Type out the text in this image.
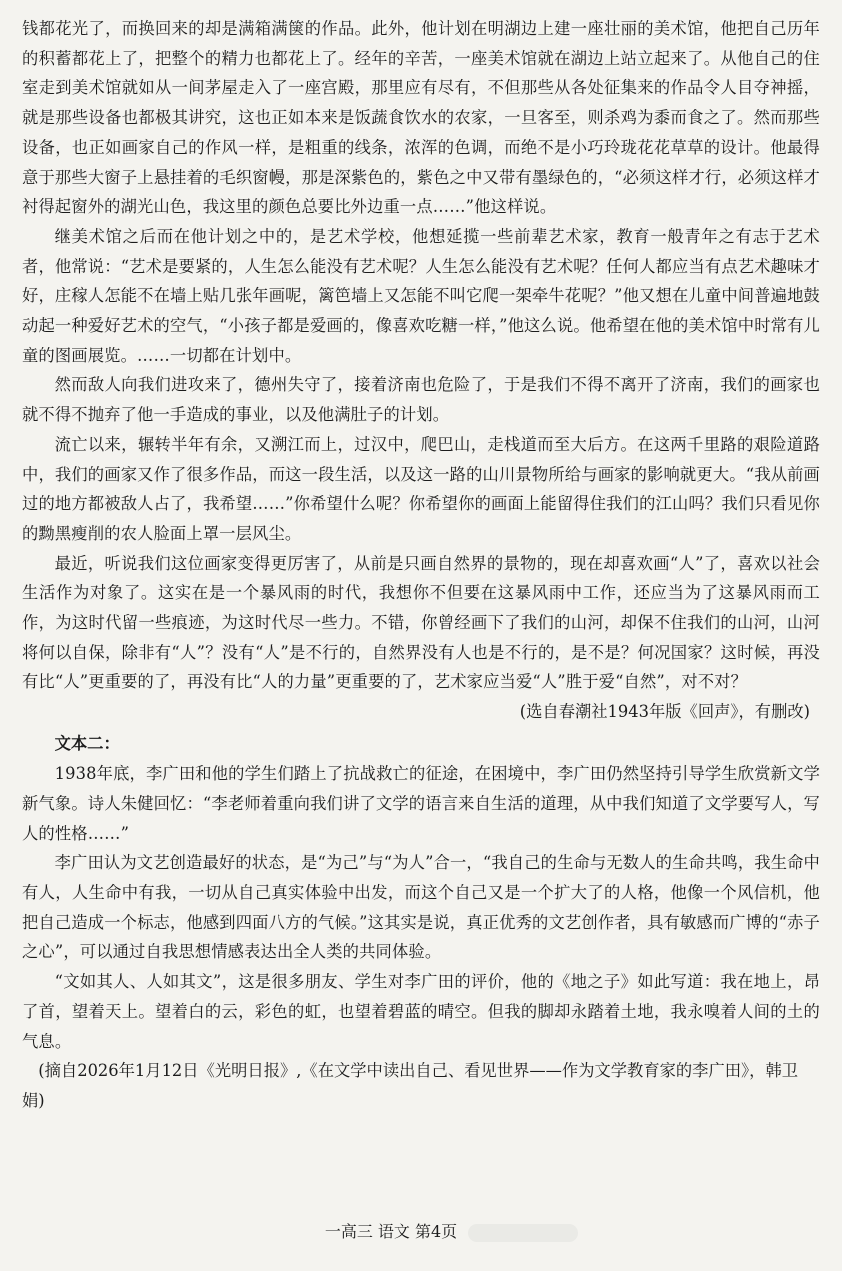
钱都花光了，而换回来的却是满箱满箧的作品。此外，他计划在明湖边上建一座壮丽的美术馆，他把自己历年的积蓄都花上了，把整个的精力也都花上了。经年的辛苦，一座美术馆就在湖边上站立起来了。从他自己的住室走到美术馆就如从一间茅屋走入了一座宫殿，那里应有尽有，不但那些从各处征集来的作品令人目夺神摇，就是那些设备也都极其讲究，这也正如本来是饭蔬食饮水的农家，一旦客至，则杀鸡为黍而食之了。然而那些设备，也正如画家自己的作风一样，是粗重的线条，浓浑的色调，而绝不是小巧玲珑花花草草的设计。他最得意于那些大窗子上悬挂着的毛织窗幔，那是深紫色的，紫色之中又带有墨绿色的，“必须这样才行，必须这样才衬得起窗外的湖光山色，我这里的颜色总要比外边重一点……”他这样说。

继美术馆之后而在他计划之中的，是艺术学校，他想延揽一些前辈艺术家，教育一般青年之有志于艺术者，他常说：“艺术是要紧的，人生怎么能没有艺术呢？人生怎么能没有艺术呢？任何人都应当有点艺术趣味才好，庄稼人怎能不在墙上贴几张年画呢，篱笆墙上又怎能不叫它爬一架牵牛花呢？”他又想在儿童中间普遍地鼓动起一种爱好艺术的空气，“小孩子都是爱画的，像喜欢吃糖一样，”他这么说。他希望在他的美术馆中时常有儿童的图画展览。……一切都在计划中。

然而敌人向我们进攻来了，德州失守了，接着济南也危险了，于是我们不得不离开了济南，我们的画家也就不得不抛弃了他一手造成的事业，以及他满肚子的计划。

流亡以来，辗转半年有余，又溯江而上，过汉中，爬巴山，走栈道而至大后方。在这两千里路的艰险道路中，我们的画家又作了很多作品，而这一段生活，以及这一路的山川景物所给与画家的影响就更大。“我从前画过的地方都被敌人占了，我希望……”你希望什么呢？你希望你的画面上能留得住我们的江山吗？我们只看见你的黝黑瘦削的农人脸面上罩一层风尘。

最近，听说我们这位画家变得更厉害了，从前是只画自然界的景物的，现在却喜欢画“人”了，喜欢以社会生活作为对象了。这实在是一个暴风雨的时代，我想你不但要在这暴风雨中工作，还应当为了这暴风雨而工作，为这时代留一些痕迹，为这时代尽一些力。不错，你曾经画下了我们的山河，却保不住我们的山河，山河将何以自保，除非有“人”？没有“人”是不行的，自然界没有人也是不行的，是不是？何况国家？这时候，再没有比“人”更重要的了，再没有比“人的力量”更重要的了，艺术家应当爱“人”胜于爱“自然”，对不对？

(选自春潮社1943年版《回声》，有删改)

文本二：

1938年底，李广田和他的学生们踏上了抗战救亡的征途，在困境中，李广田仍然坚持引导学生欣赏新文学新气象。诗人朱健回忆：“李老师着重向我们讲了文学的语言来自生活的道理，从中我们知道了文学要写人，写人的性格……”

李广田认为文艺创造最好的状态，是“为己”与“为人”合一，“我自己的生命与无数人的生命共鸣，我生命中有人，人生命中有我，一切从自己真实体验中出发，而这个自己又是一个扩大了的人格，他像一个风信机，他把自己造成一个标志，他感到四面八方的气候。”这其实是说，真正优秀的文艺创作者，具有敏感而广博的“赤子之心”，可以通过自我思想情感表达出全人类的共同体验。

“文如其人、人如其文”，这是很多朋友、学生对李广田的评价，他的《地之子》如此写道：我在地上，昂了首，望着天上。望着白的云，彩色的虹，也望着碧蓝的晴空。但我的脚却永踏着土地，我永嗅着人间的土的气息。

(摘自2026年1月12日《光明日报》,《在文学中读出自己、看见世界——作为文学教育家的李广田》，韩卫娟)

一高三 语文 第4页
